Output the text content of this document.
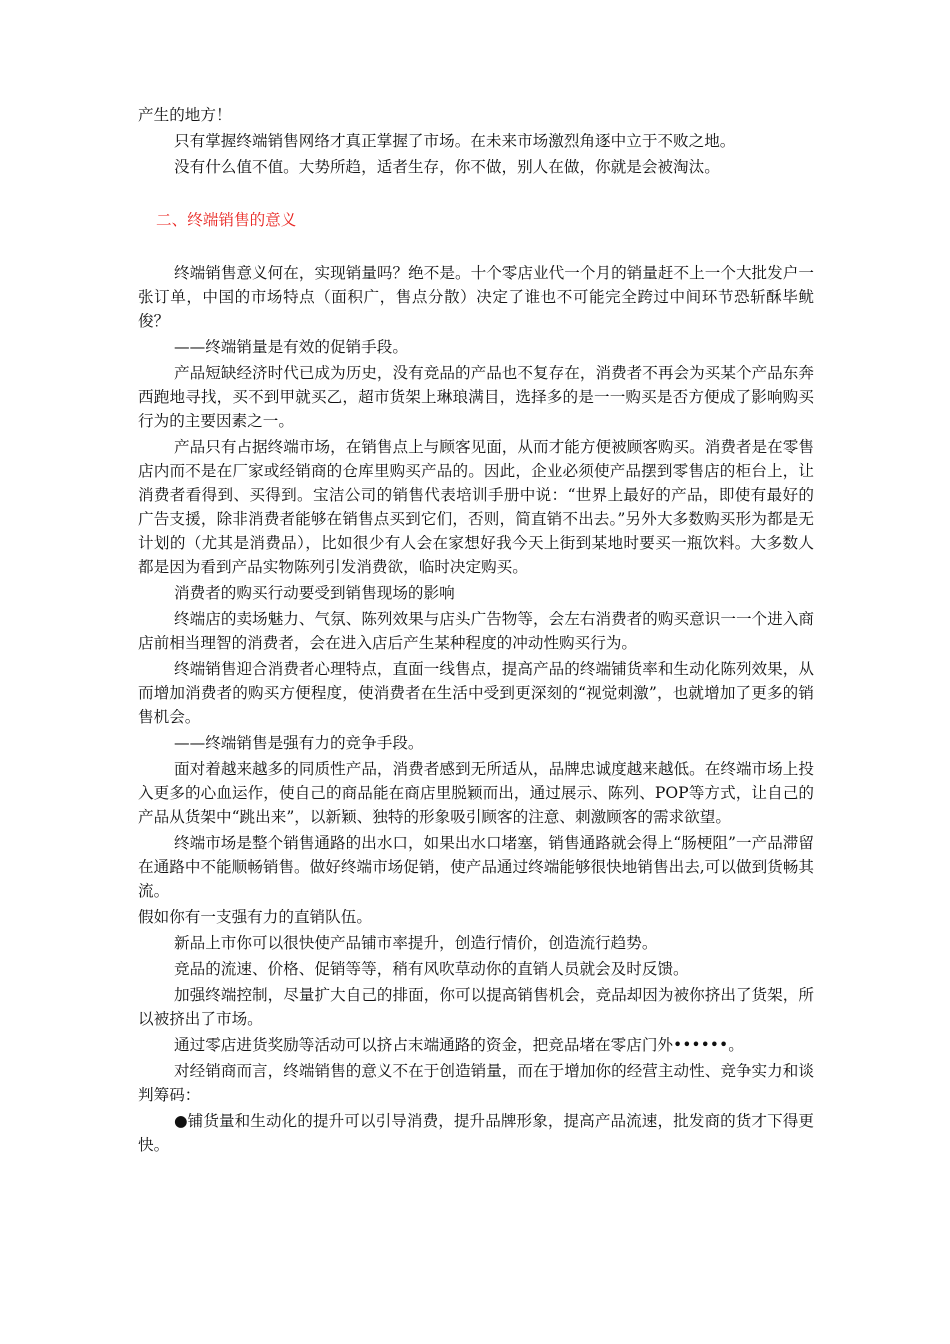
产生的地方！

只有掌握终端销售网络才真正掌握了市场。在未来市场激烈角逐中立于不败之地。

没有什么值不值。大势所趋，适者生存，你不做，别人在做，你就是会被淘汰。

二、终端销售的意义

终端销售意义何在，实现销量吗？绝不是。十个零店业代一个月的销量赶不上一个大批发户一张订单，中国的市场特点（面积广，售点分散）决定了谁也不可能完全跨过中间环节恐斩酥毕鱿俊？

——终端销量是有效的促销手段。

产品短缺经济时代已成为历史，没有竞品的产品也不复存在，消费者不再会为买某个产品东奔西跑地寻找，买不到甲就买乙，超市货架上琳琅满目，选择多的是一一购买是否方便成了影响购买行为的主要因素之一。

产品只有占据终端市场，在销售点上与顾客见面，从而才能方便被顾客购买。消费者是在零售店内而不是在厂家或经销商的仓库里购买产品的。因此，企业必须使产品摆到零售店的柜台上，让消费者看得到、买得到。宝洁公司的销售代表培训手册中说：“世界上最好的产品，即使有最好的广告支援，除非消费者能够在销售点买到它们，否则，简直销不出去。”另外大多数购买形为都是无计划的（尤其是消费品），比如很少有人会在家想好我今天上街到某地时要买一瓶饮料。大多数人都是因为看到产品实物陈列引发消费欲，临时决定购买。

消费者的购买行动要受到销售现场的影响

终端店的卖场魅力、气氛、陈列效果与店头广告物等，会左右消费者的购买意识一一个进入商店前相当理智的消费者，会在进入店后产生某种程度的冲动性购买行为。

终端销售迎合消费者心理特点，直面一线售点，提高产品的终端铺货率和生动化陈列效果，从而增加消费者的购买方便程度，使消费者在生活中受到更深刻的“视觉刺激”，也就增加了更多的销售机会。

——终端销售是强有力的竞争手段。

面对着越来越多的同质性产品，消费者感到无所适从，品牌忠诚度越来越低。在终端市场上投入更多的心血运作，使自己的商品能在商店里脱颖而出，通过展示、陈列、POP等方式，让自己的产品从货架中“跳出来”，以新颖、独特的形象吸引顾客的注意、刺激顾客的需求欲望。

终端市场是整个销售通路的出水口，如果出水口堵塞，销售通路就会得上“肠梗阻”一产品滞留在通路中不能顺畅销售。做好终端市场促销，使产品通过终端能够很快地销售出去,可以做到货畅其流。

假如你有一支强有力的直销队伍。

新品上市你可以很快使产品铺市率提升，创造行情价，创造流行趋势。

竞品的流速、价格、促销等等，稍有风吹草动你的直销人员就会及时反馈。

加强终端控制，尽量扩大自己的排面，你可以提高销售机会，竞品却因为被你挤出了货架，所以被挤出了市场。

通过零店进货奖励等活动可以挤占末端通路的资金，把竞品堵在零店门外••••••。

对经销商而言，终端销售的意义不在于创造销量，而在于增加你的经营主动性、竞争实力和谈判筹码：

●铺货量和生动化的提升可以引导消费，提升品牌形象，提高产品流速，批发商的货才下得更快。
